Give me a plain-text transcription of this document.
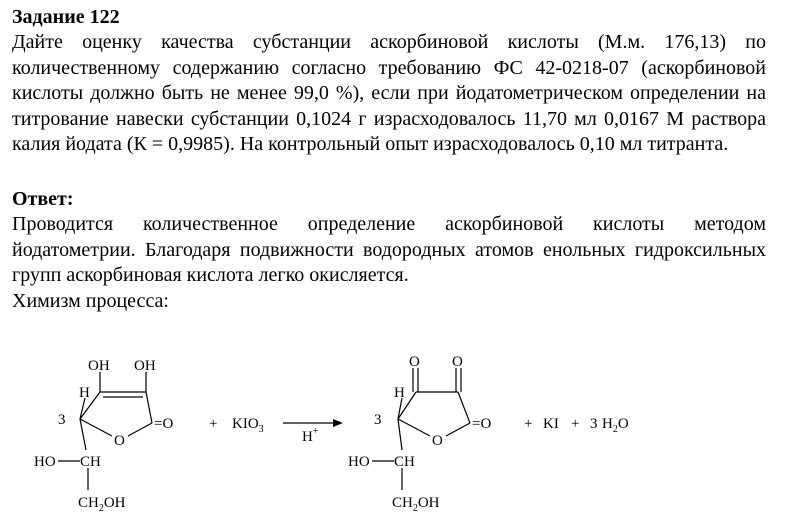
Задание 122

Дайте оценку качества субстанции аскорбиновой кислоты (М.м. 176,13) по количественному содержанию согласно требованию ФС 42-0218-07 (аскорбиновой кислоты должно быть не менее 99,0 %), если при йодатометрическом определении на титрование навески субстанции 0,1024 г израсходовалось 11,70 мл 0,0167 М раствора калия йодата (К = 0,9985). На контрольный опыт израсходовалось 0,10 мл титранта.

Ответ:

Проводится количественное определение аскорбиновой кислоты методом йодатометрии. Благодаря подвижности водородных атомов енольных гидроксильных групп аскорбиновая кислота легко окисляется.

Химизм процесса:

OH OH
H
3
O
=O
HO CH
$CH_2OH$
+ $KIO_3$	H+
O O
H
3
O
=O
HO CH
$CH_2OH$
+ KI + 3 $H_2O$
